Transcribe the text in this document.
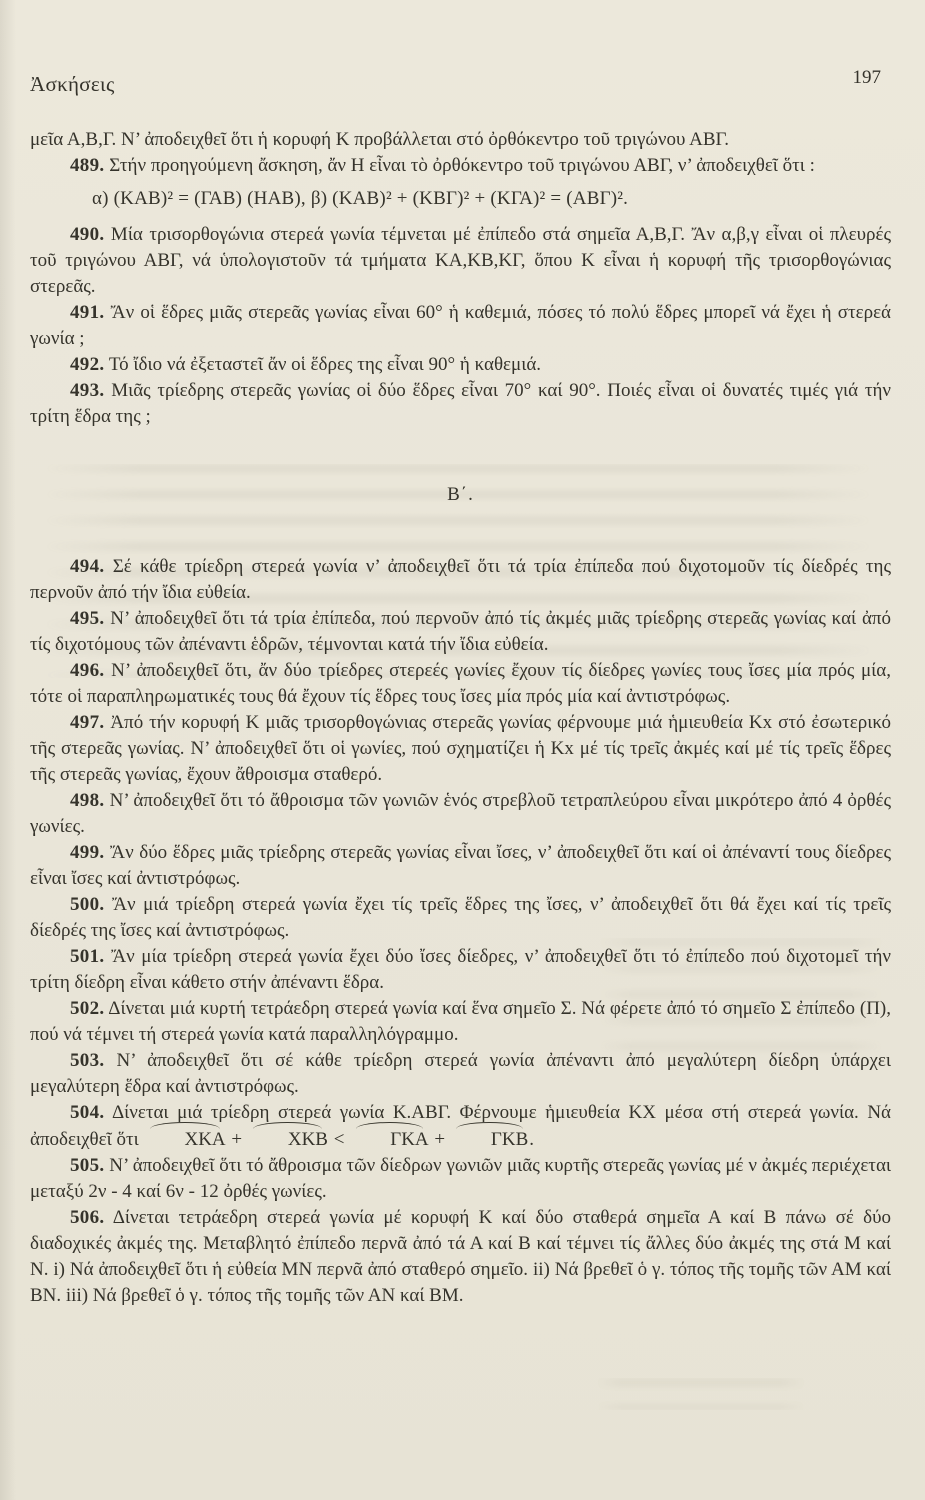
Ἀσκήσεις	197

μεῖα Α,Β,Γ. Ν’ ἀποδειχθεῖ ὅτι ἡ κορυφή Κ προβάλλεται στό ὀρθόκεντρο τοῦ τριγώνου ΑΒΓ.

489. Στήν προηγούμενη ἄσκηση, ἄν Η εἶναι τὸ ὀρθόκεντρο τοῦ τριγώνου ΑΒΓ, ν’ ἀποδειχθεῖ ὅτι :

α) (ΚΑΒ)² = (ΓΑΒ) (ΗΑΒ), β) (ΚΑΒ)² + (ΚΒΓ)² + (ΚΓΑ)² = (ΑΒΓ)².

490. Μία τρισορθογώνια στερεά γωνία τέμνεται μέ ἐπίπεδο στά σημεῖα Α,Β,Γ. Ἄν α,β,γ εἶναι οἱ πλευρές τοῦ τριγώνου ΑΒΓ, νά ὑπολογιστοῦν τά τμήματα ΚΑ,ΚΒ,ΚΓ, ὅπου Κ εἶναι ἡ κορυφή τῆς τρισορθογώνιας στερεᾶς.

491. Ἄν οἱ ἕδρες μιᾶς στερεᾶς γωνίας εἶναι 60° ἡ καθεμιά, πόσες τό πολύ ἕδρες μπορεῖ νά ἔχει ἡ στερεά γωνία ;

492. Τό ἴδιο νά ἐξεταστεῖ ἄν οἱ ἕδρες της εἶναι 90° ἡ καθεμιά.

493. Μιᾶς τρίεδρης στερεᾶς γωνίας οἱ δύο ἕδρες εἶναι 70° καί 90°. Ποιές εἶναι οἱ δυνατές τιμές γιά τήν τρίτη ἕδρα της ;

Β΄.

494. Σέ κάθε τρίεδρη στερεά γωνία ν’ ἀποδειχθεῖ ὅτι τά τρία ἐπίπεδα πού διχοτομοῦν τίς δίεδρές της περνοῦν ἀπό τήν ἴδια εὐθεία.

495. Ν’ ἀποδειχθεῖ ὅτι τά τρία ἐπίπεδα, πού περνοῦν ἀπό τίς ἀκμές μιᾶς τρίεδρης στερεᾶς γωνίας καί ἀπό τίς διχοτόμους τῶν ἀπέναντι ἑδρῶν, τέμνονται κατά τήν ἴδια εὐθεία.

496. Ν’ ἀποδειχθεῖ ὅτι, ἄν δύο τρίεδρες στερεές γωνίες ἔχουν τίς δίεδρες γωνίες τους ἴσες μία πρός μία, τότε οἱ παραπληρωματικές τους θά ἔχουν τίς ἕδρες τους ἴσες μία πρός μία καί ἀντιστρόφως.

497. Ἀπό τήν κορυφή Κ μιᾶς τρισορθογώνιας στερεᾶς γωνίας φέρνουμε μιά ἡμιευθεία Κx στό ἐσωτερικό τῆς στερεᾶς γωνίας. Ν’ ἀποδειχθεῖ ὅτι οἱ γωνίες, πού σχηματίζει ἡ Κx μέ τίς τρεῖς ἀκμές καί μέ τίς τρεῖς ἕδρες τῆς στερεᾶς γωνίας, ἔχουν ἄθροισμα σταθερό.

498. Ν’ ἀποδειχθεῖ ὅτι τό ἄθροισμα τῶν γωνιῶν ἑνός στρεβλοῦ τετραπλεύρου εἶναι μικρότερο ἀπό 4 ὀρθές γωνίες.

499. Ἄν δύο ἕδρες μιᾶς τρίεδρης στερεᾶς γωνίας εἶναι ἴσες, ν’ ἀποδειχθεῖ ὅτι καί οἱ ἀπέναντί τους δίεδρες εἶναι ἴσες καί ἀντιστρόφως.

500. Ἄν μιά τρίεδρη στερεά γωνία ἔχει τίς τρεῖς ἕδρες της ἴσες, ν’ ἀποδειχθεῖ ὅτι θά ἔχει καί τίς τρεῖς δίεδρές της ἴσες καί ἀντιστρόφως.

501. Ἄν μία τρίεδρη στερεά γωνία ἔχει δύο ἴσες δίεδρες, ν’ ἀποδειχθεῖ ὅτι τό ἐπίπεδο πού διχοτομεῖ τήν τρίτη δίεδρη εἶναι κάθετο στήν ἀπέναντι ἕδρα.

502. Δίνεται μιά κυρτή τετράεδρη στερεά γωνία καί ἕνα σημεῖο Σ. Νά φέρετε ἀπό τό σημεῖο Σ ἐπίπεδο (Π), πού νά τέμνει τή στερεά γωνία κατά παραλληλόγραμμο.

503. Ν’ ἀποδειχθεῖ ὅτι σέ κάθε τρίεδρη στερεά γωνία ἀπέναντι ἀπό μεγαλύτερη δίεδρη ὑπάρχει μεγαλύτερη ἕδρα καί ἀντιστρόφως.

504. Δίνεται μιά τρίεδρη στερεά γωνία Κ.ΑΒΓ. Φέρνουμε ἡμιευθεία ΚΧ μέσα στή στερεά γωνία. Νά ἀποδειχθεῖ ὅτι ΧΚΑ + ΧΚΒ < ΓΚΑ + ΓΚΒ.

505. Ν’ ἀποδειχθεῖ ὅτι τό ἄθροισμα τῶν δίεδρων γωνιῶν μιᾶς κυρτῆς στερεᾶς γωνίας μέ ν ἀκμές περιέχεται μεταξύ 2ν - 4 καί 6ν - 12 ὀρθές γωνίες.

506. Δίνεται τετράεδρη στερεά γωνία μέ κορυφή Κ καί δύο σταθερά σημεῖα Α καί Β πάνω σέ δύο διαδοχικές ἀκμές της. Μεταβλητό ἐπίπεδο περνᾶ ἀπό τά Α καί Β καί τέμνει τίς ἄλλες δύο ἀκμές της στά Μ καί Ν. i) Νά ἀποδειχθεῖ ὅτι ἡ εὐθεία ΜΝ περνᾶ ἀπό σταθερό σημεῖο. ii) Νά βρεθεῖ ὁ γ. τόπος τῆς τομῆς τῶν ΑΜ καί ΒΝ. iii) Νά βρεθεῖ ὁ γ. τόπος τῆς τομῆς τῶν ΑΝ καί ΒΜ.
